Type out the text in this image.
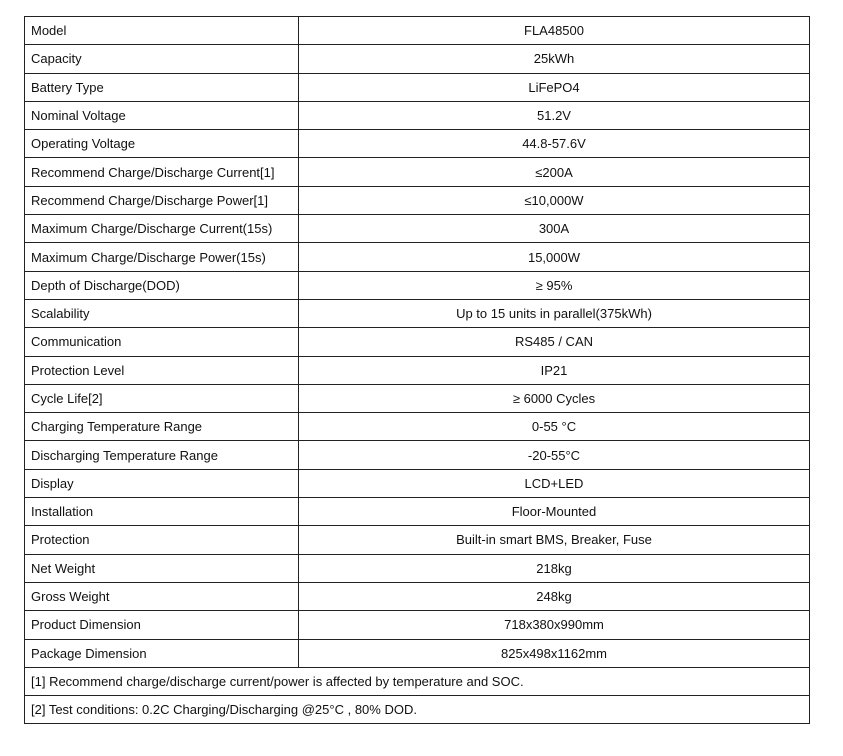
Model	FLA48500
Capacity	25kWh
Battery Type	LiFePO4
Nominal Voltage	51.2V
Operating Voltage	44.8-57.6V
Recommend Charge/Discharge Current[1]	≤200A
Recommend Charge/Discharge Power[1]	≤10,000W
Maximum Charge/Discharge Current(15s)	300A
Maximum Charge/Discharge Power(15s)	15,000W
Depth of Discharge(DOD)	≥ 95%
Scalability	Up to 15 units in parallel(375kWh)
Communication	RS485 / CAN
Protection Level	IP21
Cycle Life[2]	≥ 6000 Cycles
Charging Temperature Range	0-55 °C
Discharging Temperature Range	-20-55°C
Display	LCD+LED
Installation	Floor-Mounted
Protection	Built-in smart BMS, Breaker, Fuse
Net Weight	218kg
Gross Weight	248kg
Product Dimension	718x380x990mm
Package Dimension	825x498x1162mm
[1] Recommend charge/discharge current/power is affected by temperature and SOC.	
[2] Test conditions: 0.2C Charging/Discharging @25°C , 80% DOD.	
